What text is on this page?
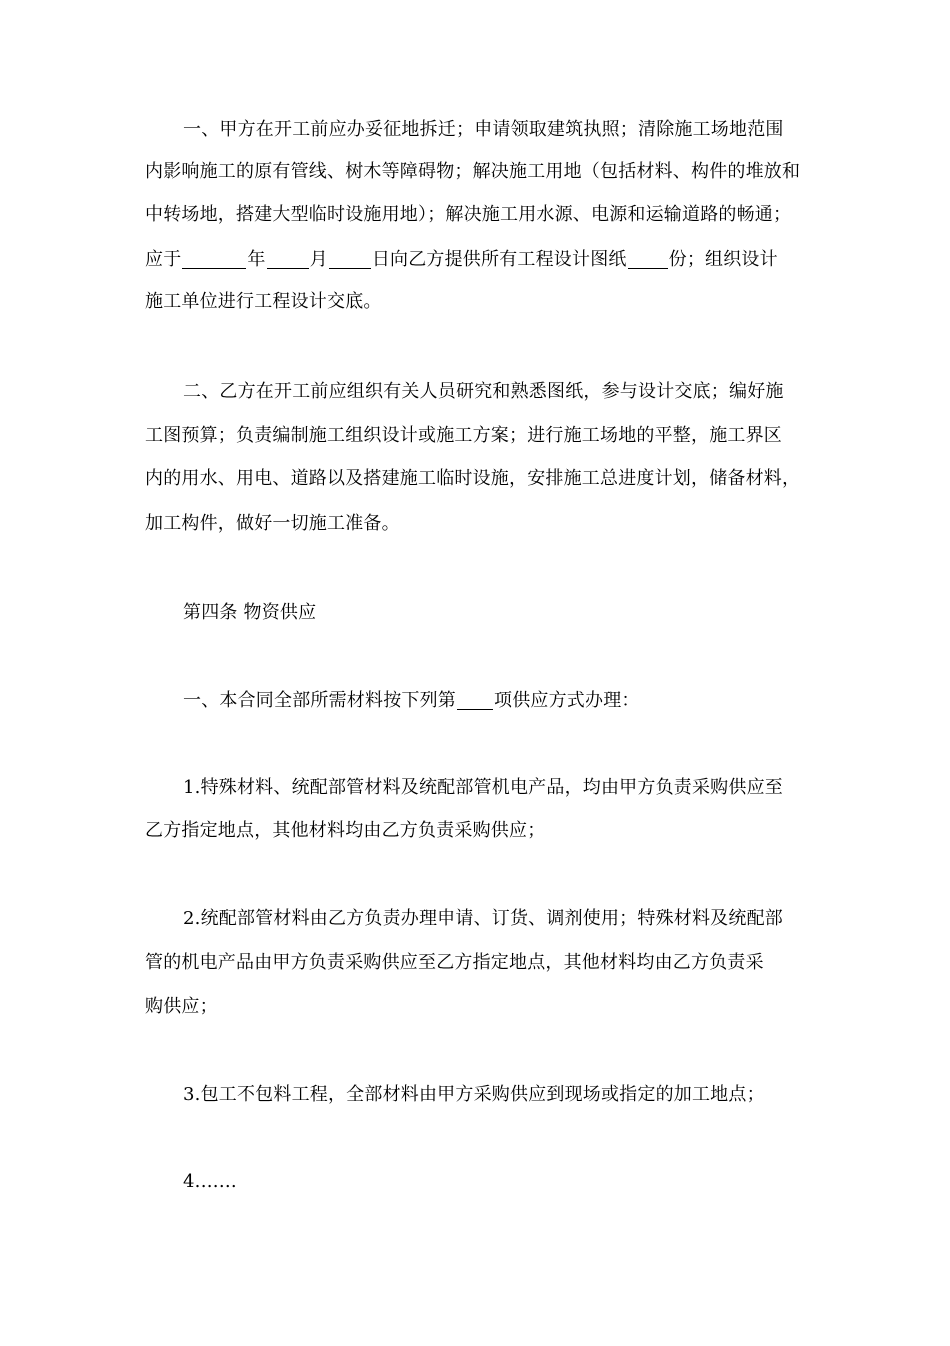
一、甲方在开工前应办妥征地拆迁；申请领取建筑执照；清除施工场地范围
内影响施工的原有管线、树木等障碍物；解决施工用地（包括材料、构件的堆放和
中转场地，搭建大型临时设施用地）；解决施工用水源、电源和运输道路的畅通；
应于	年 月 日向乙方提供所有工程设计图纸 份；组织设计
施工单位进行工程设计交底。
二、乙方在开工前应组织有关人员研究和熟悉图纸，参与设计交底；编好施
工图预算；负责编制施工组织设计或施工方案；进行施工场地的平整，施工界区
内的用水、用电、道路以及搭建施工临时设施，安排施工总进度计划，储备材料，
加工构件，做好一切施工准备。
第四条 物资供应
一、本合同全部所需材料按下列第 项供应方式办理：
1.特殊材料、统配部管材料及统配部管机电产品，均由甲方负责采购供应至
乙方指定地点，其他材料均由乙方负责采购供应；
2.统配部管材料由乙方负责办理申请、订货、调剂使用；特殊材料及统配部
管的机电产品由甲方负责采购供应至乙方指定地点，其他材料均由乙方负责采
购供应；
3.包工不包料工程，全部材料由甲方采购供应到现场或指定的加工地点；
4.……
